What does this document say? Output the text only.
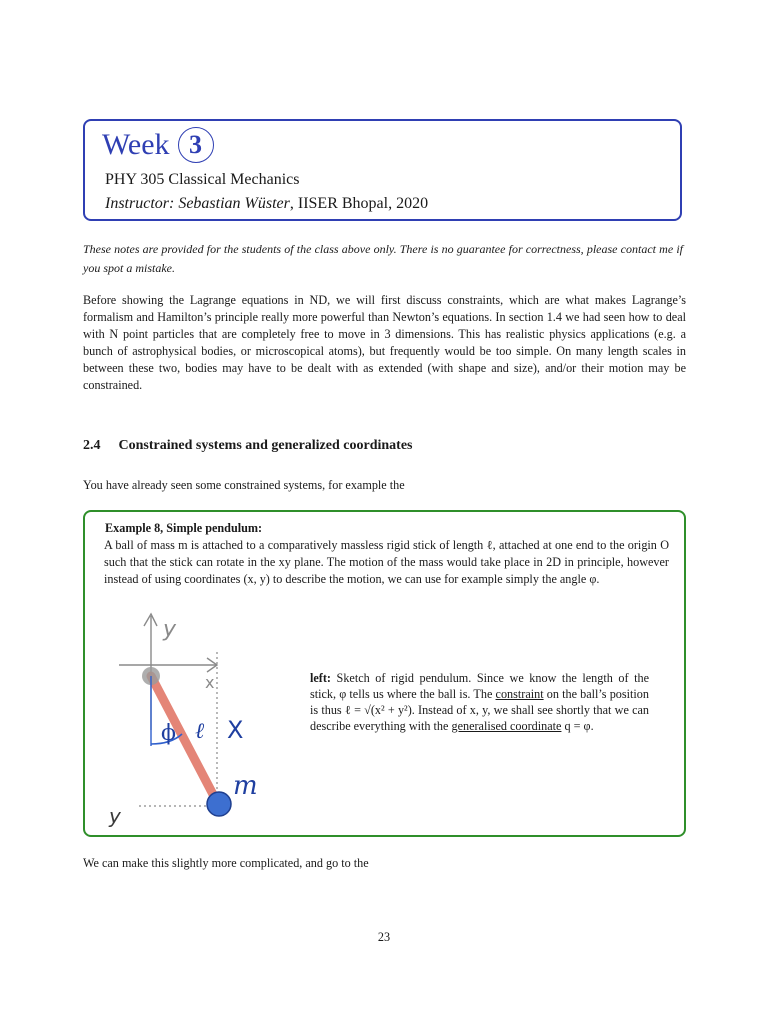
Week 3
PHY 305 Classical Mechanics
Instructor: Sebastian Wüster, IISER Bhopal, 2020
These notes are provided for the students of the class above only. There is no guarantee for correctness, please contact me if you spot a mistake.
Before showing the Lagrange equations in ND, we will first discuss constraints, which are what makes Lagrange’s formalism and Hamilton’s principle really more powerful than Newton’s equations. In section 1.4 we had seen how to deal with N point particles that are completely free to move in 3 dimensions. This has realistic physics applications (e.g. a bunch of astrophysical bodies, or microscopical atoms), but frequently would be too simple. On many length scales in between these two, bodies may have to be dealt with as extended (with shape and size), and/or their motion may be constrained.
2.4 Constrained systems and generalized coordinates
You have already seen some constrained systems, for example the
Example 8, Simple pendulum:
A ball of mass m is attached to a comparatively massless rigid stick of length ℓ, attached at one end to the origin O such that the stick can rotate in the xy plane. The motion of the mass would take place in 2D in principle, however instead of using coordinates (x, y) to describe the motion, we can use for example simply the angle φ.
y
x
y
ϕ ℓ X
m
left: Sketch of rigid pendulum. Since we know the length of the stick, φ tells us where the ball is. The constraint on the ball’s position is thus ℓ = √(x² + y²). Instead of x, y, we shall see shortly that we can describe everything with the generalised coordinate q = φ.
We can make this slightly more complicated, and go to the
23
